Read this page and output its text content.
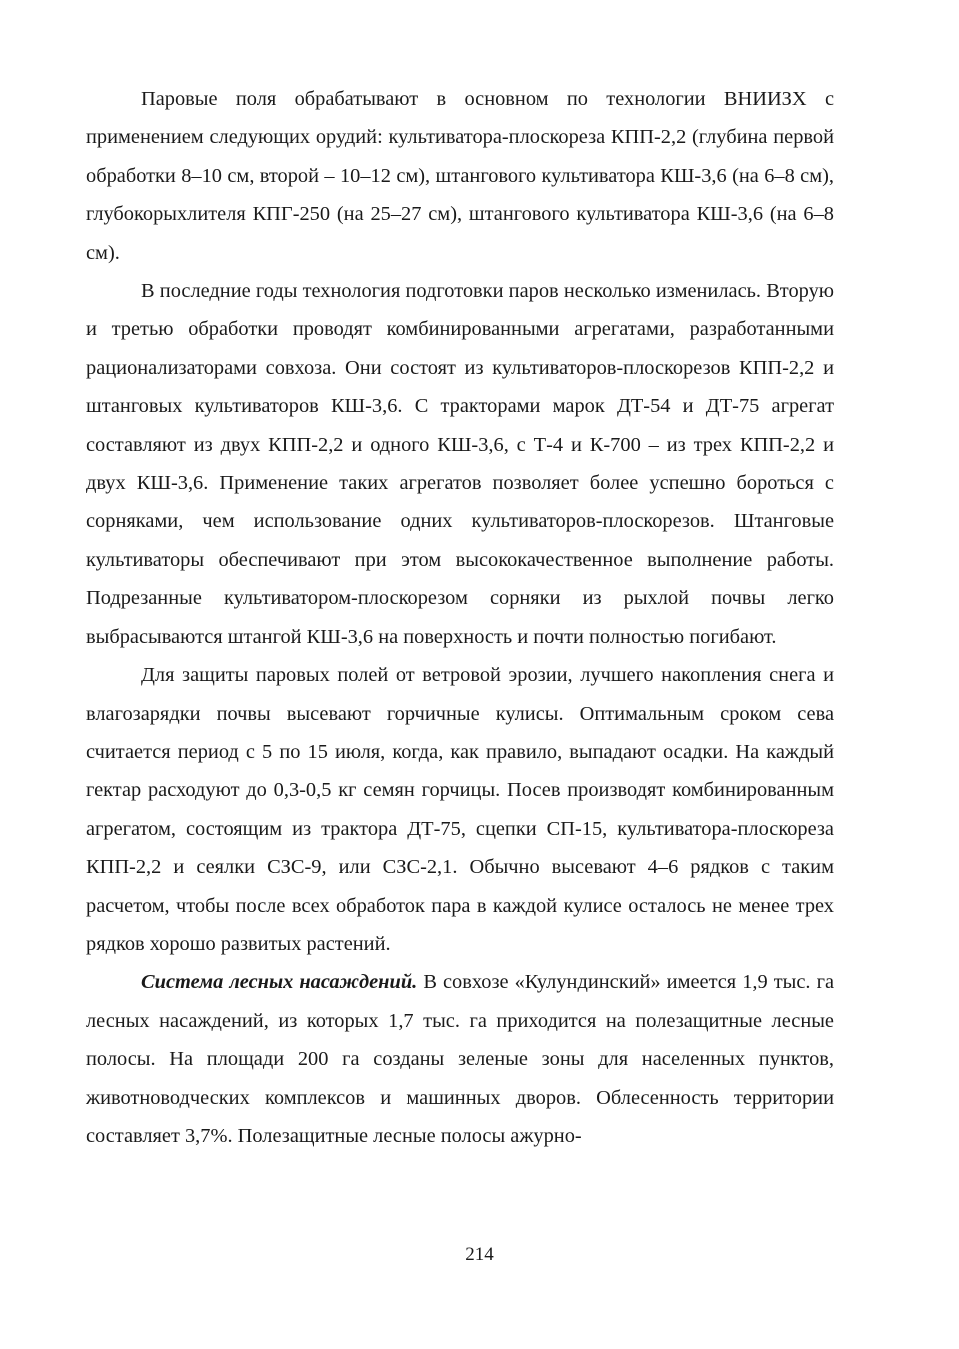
Паровые поля обрабатывают в основном по технологии ВНИИЗХ с применением следующих орудий: культиватора-плоскореза КПП-2,2 (глубина первой обработки 8–10 см, второй – 10–12 см), штангового культиватора КШ-3,6 (на 6–8 см), глубокорыхлителя КПГ-250 (на 25–27 см), штангового культиватора КШ-3,6 (на 6–8 см).

В последние годы технология подготовки паров несколько изменилась. Вторую и третью обработки проводят комбинированными агрегатами, разработанными рационализаторами совхоза. Они состоят из культиваторов-плоскорезов КПП-2,2 и штанговых культиваторов КШ-3,6. С тракторами марок ДТ-54 и ДТ-75 агрегат составляют из двух КПП-2,2 и одного КШ-3,6, с Т-4 и К-700 – из трех КПП-2,2 и двух КШ-3,6. Применение таких агрегатов позволяет более успешно бороться с сорняками, чем использование одних культиваторов-плоскорезов. Штанговые культиваторы обеспечивают при этом высококачественное выполнение работы. Подрезанные культиватором-плоскорезом сорняки из рыхлой почвы легко выбрасываются штангой КШ-3,6 на поверхность и почти полностью погибают.

Для защиты паровых полей от ветровой эрозии, лучшего накопления снега и влагозарядки почвы высевают горчичные кулисы. Оптимальным сроком сева считается период с 5 по 15 июля, когда, как правило, выпадают осадки. На каждый гектар расходуют до 0,3-0,5 кг семян горчицы. Посев производят комбинированным агрегатом, состоящим из трактора ДТ-75, сцепки СП-15, культиватора-плоскореза КПП-2,2 и сеялки СЗС-9, или СЗС-2,1. Обычно высевают 4–6 рядков с таким расчетом, чтобы после всех обработок пара в каждой кулисе осталось не менее трех рядков хорошо развитых растений.

Система лесных насаждений. В совхозе «Кулундинский» имеется 1,9 тыс. га лесных насаждений, из которых 1,7 тыс. га приходится на полезащитные лесные полосы. На площади 200 га созданы зеленые зоны для населенных пунктов, животноводческих комплексов и машинных дворов. Облесенность территории составляет 3,7%. Полезащитные лесные полосы ажурно-

214
